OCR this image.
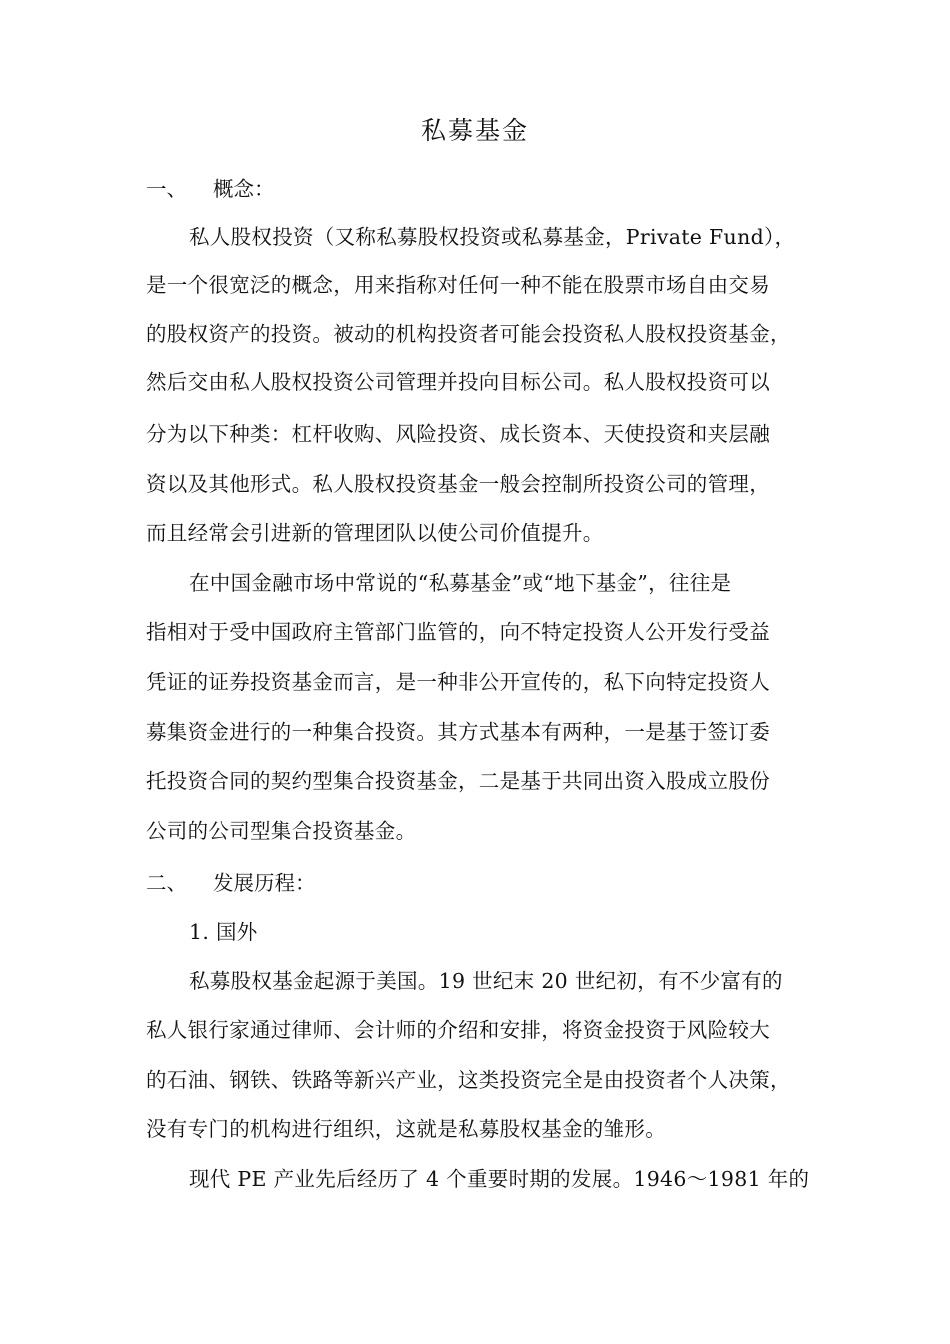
私募基金
一、 概念：
私人股权投资（又称私募股权投资或私募基金，Private Fund），
是一个很宽泛的概念，用来指称对任何一种不能在股票市场自由交易
的股权资产的投资。被动的机构投资者可能会投资私人股权投资基金，
然后交由私人股权投资公司管理并投向目标公司。私人股权投资可以
分为以下种类：杠杆收购、风险投资、成长资本、天使投资和夹层融
资以及其他形式。私人股权投资基金一般会控制所投资公司的管理，
而且经常会引进新的管理团队以使公司价值提升。
在中国金融市场中常说的“私募基金”或“地下基金”，往往是
指相对于受中国政府主管部门监管的，向不特定投资人公开发行受益
凭证的证券投资基金而言，是一种非公开宣传的，私下向特定投资人
募集资金进行的一种集合投资。其方式基本有两种，一是基于签订委
托投资合同的契约型集合投资基金，二是基于共同出资入股成立股份
公司的公司型集合投资基金。
二、 发展历程：
1. 国外
私募股权基金起源于美国。19 世纪末 20 世纪初，有不少富有的
私人银行家通过律师、会计师的介绍和安排，将资金投资于风险较大
的石油、钢铁、铁路等新兴产业，这类投资完全是由投资者个人决策，
没有专门的机构进行组织，这就是私募股权基金的雏形。
现代 PE 产业先后经历了 4 个重要时期的发展。1946～1981 年的
